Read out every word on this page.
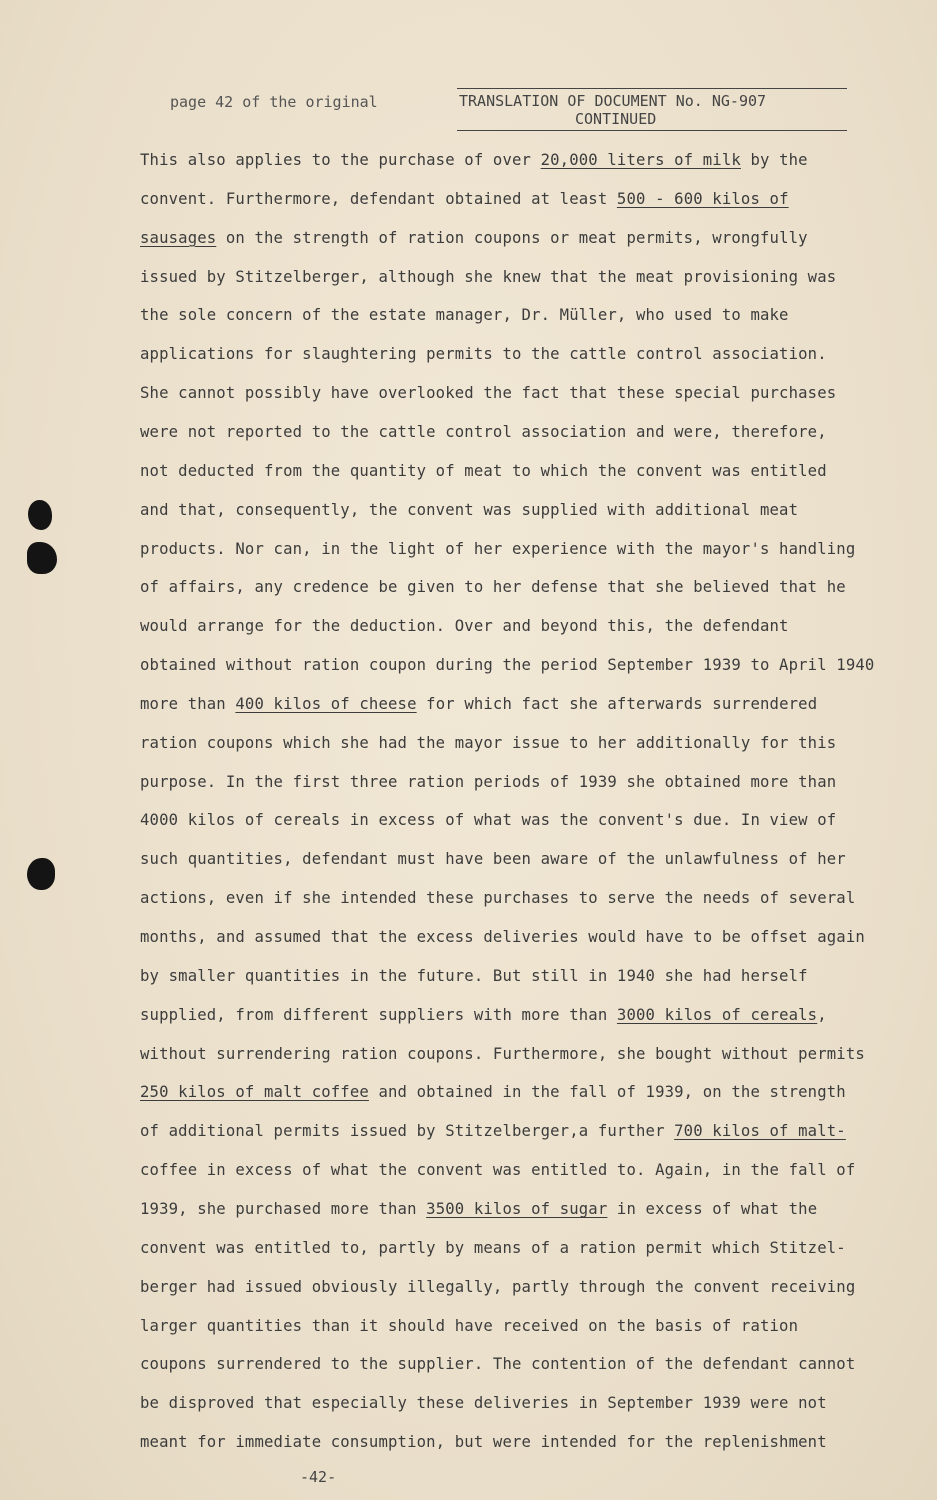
page 42 of the original	TRANSLATION OF DOCUMENT No. NG-907
CONTINUED
This also applies to the purchase of over 20,000 liters of milk by the
convent. Furthermore, defendant obtained at least 500 - 600 kilos of
sausages on the strength of ration coupons or meat permits, wrongfully
issued by Stitzelberger, although she knew that the meat provisioning was
the sole concern of the estate manager, Dr. Müller, who used to make
applications for slaughtering permits to the cattle control association.
She cannot possibly have overlooked the fact that these special purchases
were not reported to the cattle control association and were, therefore,
not deducted from the quantity of meat to which the convent was entitled
and that, consequently, the convent was supplied with additional meat
products. Nor can, in the light of her experience with the mayor's handling
of affairs, any credence be given to her defense that she believed that he
would arrange for the deduction. Over and beyond this, the defendant
obtained without ration coupon during the period September 1939 to April 1940
more than 400 kilos of cheese for which fact she afterwards surrendered
ration coupons which she had the mayor issue to her additionally for this
purpose. In the first three ration periods of 1939 she obtained more than
4000 kilos of cereals in excess of what was the convent's due. In view of
such quantities, defendant must have been aware of the unlawfulness of her
actions, even if she intended these purchases to serve the needs of several
months, and assumed that the excess deliveries would have to be offset again
by smaller quantities in the future. But still in 1940 she had herself
supplied, from different suppliers with more than 3000 kilos of cereals,
without surrendering ration coupons. Furthermore, she bought without permits
250 kilos of malt coffee and obtained in the fall of 1939, on the strength
of additional permits issued by Stitzelberger,a further 700 kilos of malt-
coffee in excess of what the convent was entitled to. Again, in the fall of
1939, she purchased more than 3500 kilos of sugar in excess of what the
convent was entitled to, partly by means of a ration permit which Stitzel-
berger had issued obviously illegally, partly through the convent receiving
larger quantities than it should have received on the basis of ration
coupons surrendered to the supplier. The contention of the defendant cannot
be disproved that especially these deliveries in September 1939 were not
meant for immediate consumption, but were intended for the replenishment
-42-
